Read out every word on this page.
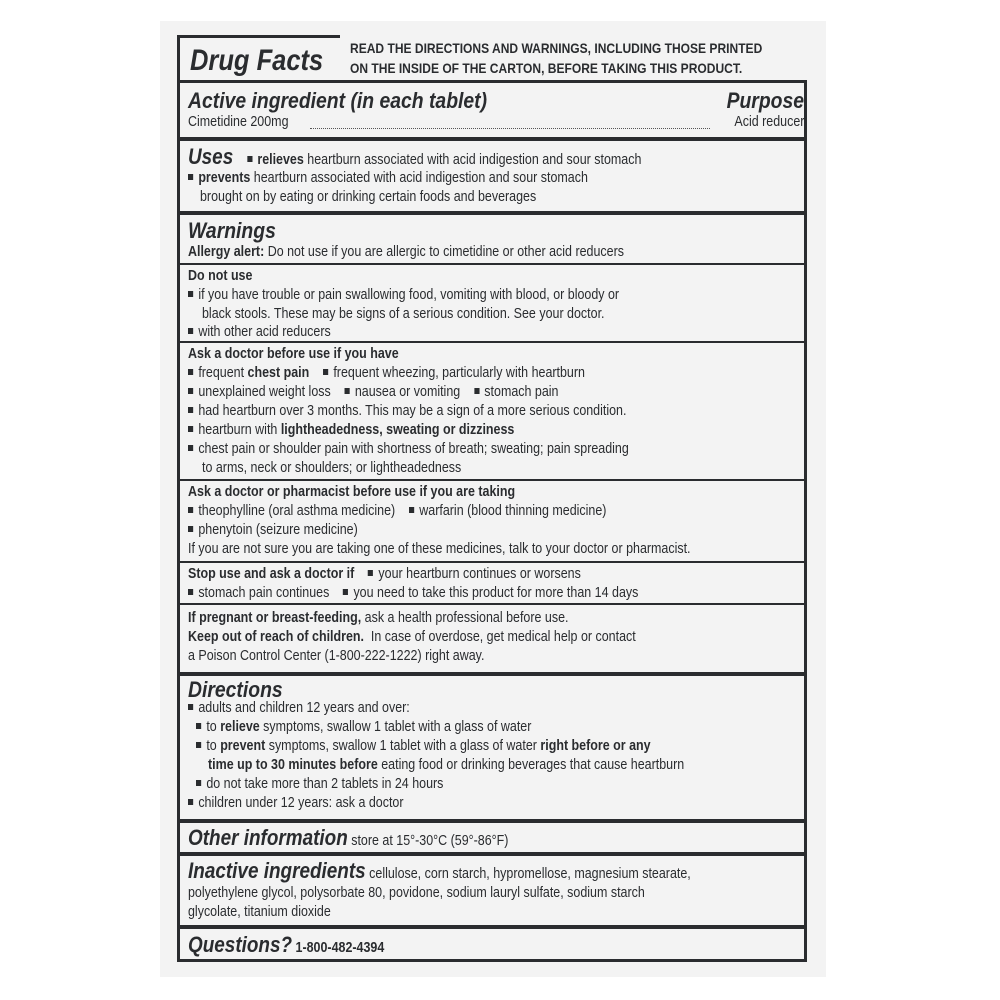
Drug Facts READ THE DIRECTIONS AND WARNINGS, INCLUDING THOSE PRINTED
ON THE INSIDE OF THE CARTON, BEFORE TAKING THIS PRODUCT.
Active ingredient (in each tablet)	Purpose
Cimetidine 200mg	Acid reducer
Uses relieves heartburn associated with acid indigestion and sour stomach
prevents heartburn associated with acid indigestion and sour stomach
brought on by eating or drinking certain foods and beverages
Warnings
Allergy alert: Do not use if you are allergic to cimetidine or other acid reducers
Do not use
if you have trouble or pain swallowing food, vomiting with blood, or bloody or
black stools. These may be signs of a serious condition. See your doctor.
with other acid reducers
Ask a doctor before use if you have
frequent chest pain frequent wheezing, particularly with heartburn
unexplained weight loss nausea or vomiting stomach pain
had heartburn over 3 months. This may be a sign of a more serious condition.
heartburn with lightheadedness, sweating or dizziness
chest pain or shoulder pain with shortness of breath; sweating; pain spreading
to arms, neck or shoulders; or lightheadedness
Ask a doctor or pharmacist before use if you are taking
theophylline (oral asthma medicine) warfarin (blood thinning medicine)
phenytoin (seizure medicine)
If you are not sure you are taking one of these medicines, talk to your doctor or pharmacist.
Stop use and ask a doctor if your heartburn continues or worsens
stomach pain continues you need to take this product for more than 14 days
If pregnant or breast-feeding, ask a health professional before use.
Keep out of reach of children.  In case of overdose, get medical help or contact
a Poison Control Center (1-800-222-1222) right away.
Directions
adults and children 12 years and over:
to relieve symptoms, swallow 1 tablet with a glass of water
to prevent symptoms, swallow 1 tablet with a glass of water right before or any
time up to 30 minutes before eating food or drinking beverages that cause heartburn
do not take more than 2 tablets in 24 hours
children under 12 years: ask a doctor
Other information store at 15°-30°C (59°-86°F)
Inactive ingredients cellulose, corn starch, hypromellose, magnesium stearate,
polyethylene glycol, polysorbate 80, povidone, sodium lauryl sulfate, sodium starch
glycolate, titanium dioxide
Questions? 1-800-482-4394
